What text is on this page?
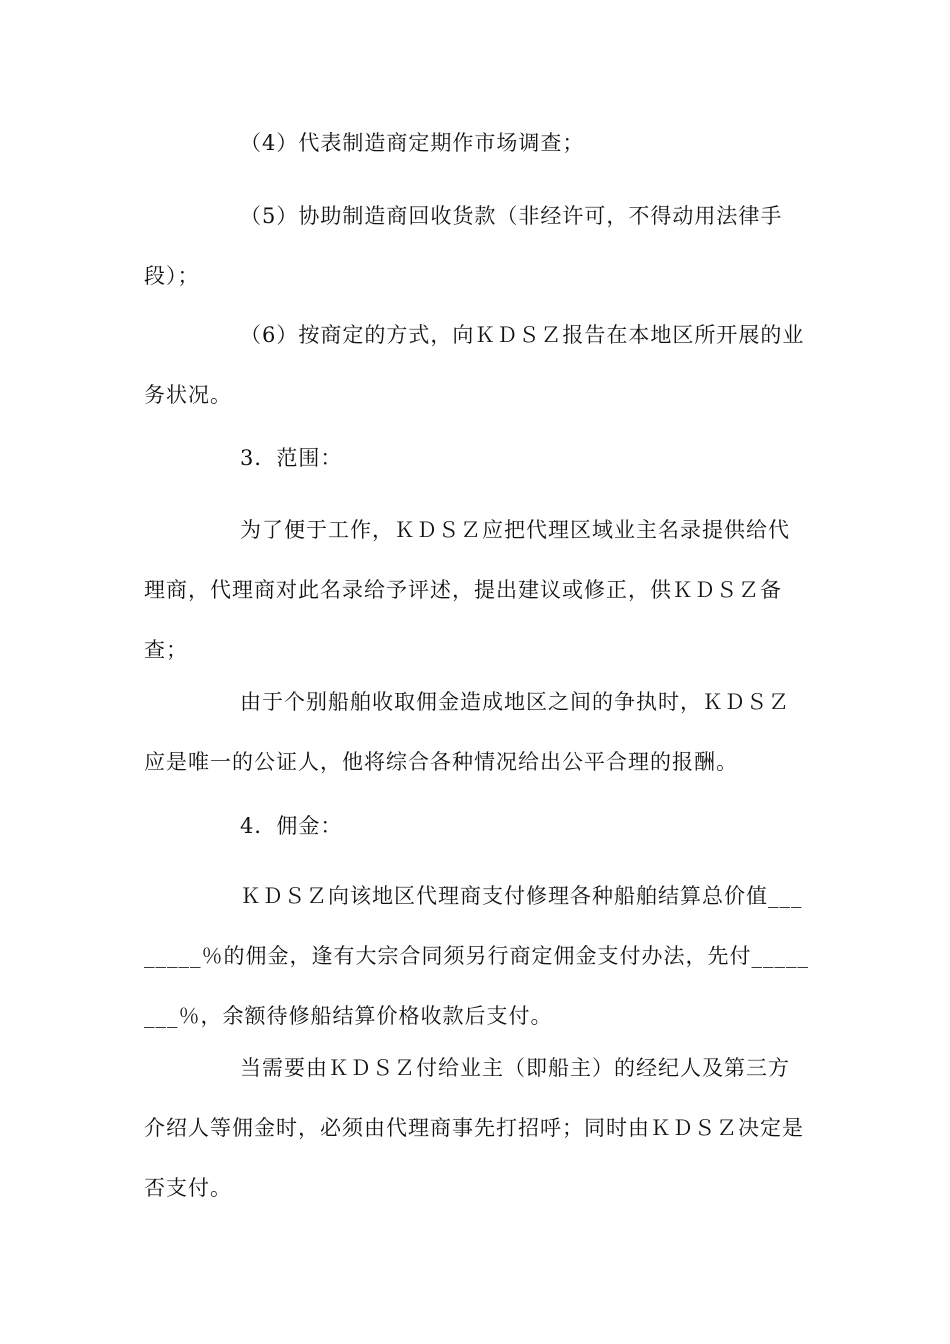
（4）代表制造商定期作市场调查；

（5）协助制造商回收货款（非经许可，不得动用法律手段）；

（6）按商定的方式，向ＫＤＳＺ报告在本地区所开展的业务状况。

3．范围：

为了便于工作，ＫＤＳＺ应把代理区域业主名录提供给代理商，代理商对此名录给予评述，提出建议或修正，供ＫＤＳＺ备查；

由于个别船舶收取佣金造成地区之间的争执时，ＫＤＳＺ应是唯一的公证人，他将综合各种情况给出公平合理的报酬。

4．佣金：

ＫＤＳＺ向该地区代理商支付修理各种船舶结算总价值________％的佣金，逢有大宗合同须另行商定佣金支付办法，先付________％，余额待修船结算价格收款后支付。

当需要由ＫＤＳＺ付给业主（即船主）的经纪人及第三方介绍人等佣金时，必须由代理商事先打招呼；同时由ＫＤＳＺ决定是否支付。
